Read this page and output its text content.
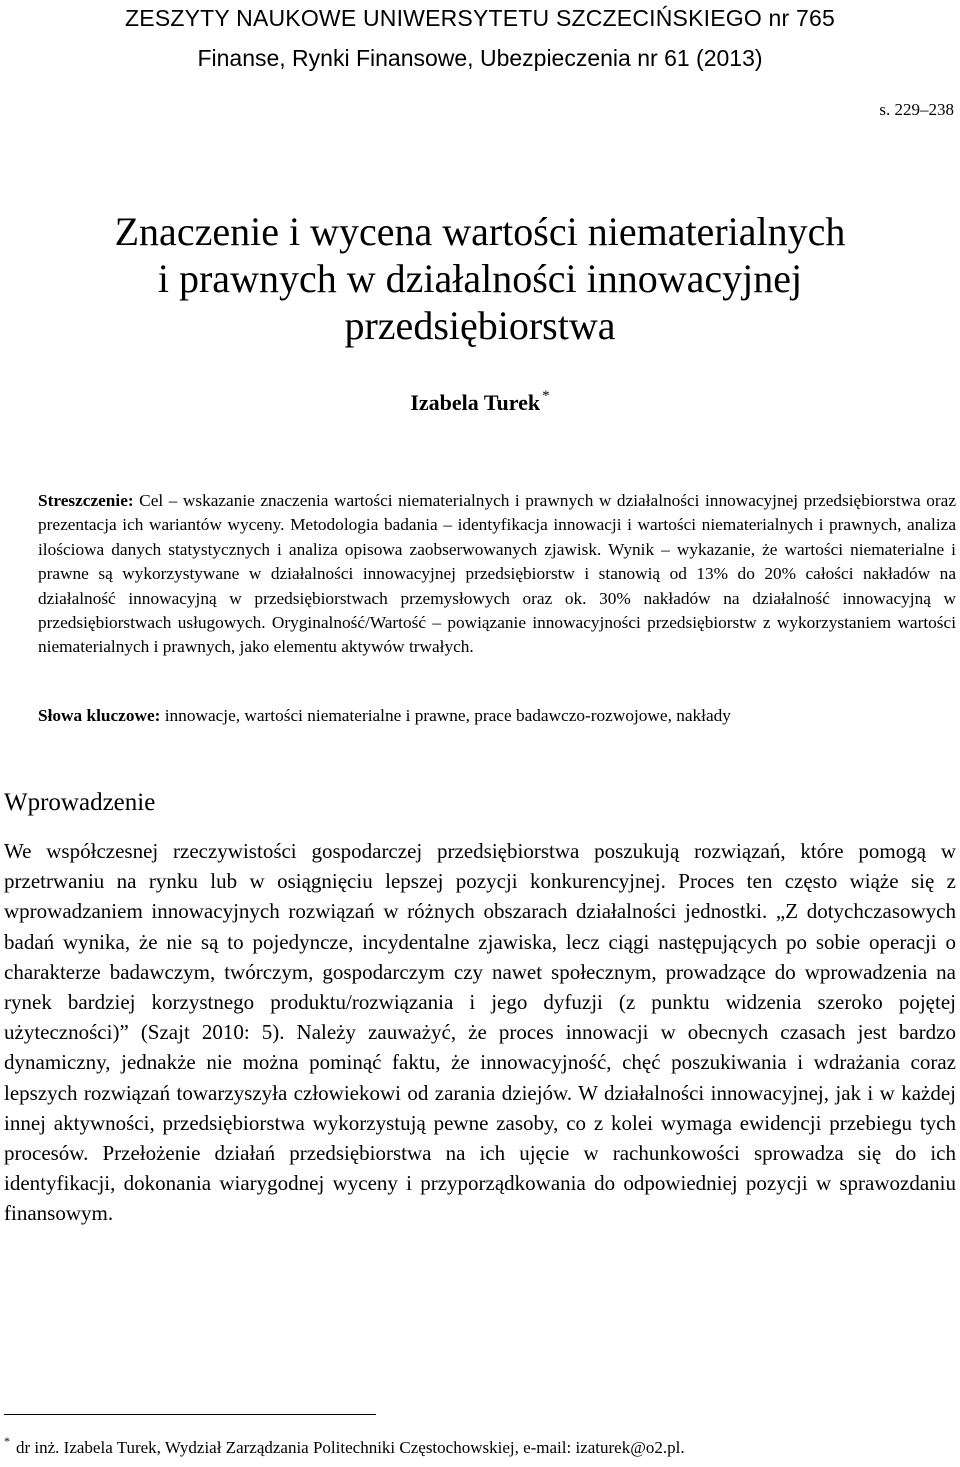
ZESZYTY NAUKOWE UNIWERSYTETU SZCZECIŃSKIEGO nr 765
Finanse, Rynki Finansowe, Ubezpieczenia nr 61 (2013)
s. 229–238
Znaczenie i wycena wartości niematerialnych
i prawnych w działalności innowacyjnej
przedsiębiorstwa
Izabela Turek *
Streszczenie: Cel – wskazanie znaczenia wartości niematerialnych i prawnych w działalności innowacyjnej przedsiębiorstwa oraz prezentacja ich wariantów wyceny. Metodologia badania – identyfikacja innowacji i wartości niematerialnych i prawnych, analiza ilościowa danych statystycznych i analiza opisowa zaobserwowanych zjawisk. Wynik – wykazanie, że wartości niematerialne i prawne są wykorzystywane w działalności innowacyjnej przedsiębiorstw i stanowią od 13% do 20% całości nakładów na działalność innowacyjną w przedsiębiorstwach przemysłowych oraz ok. 30% nakładów na działalność innowacyjną w przedsiębiorstwach usługowych. Oryginalność/Wartość – powiązanie innowacyjności przedsiębiorstw z wykorzystaniem wartości niematerialnych i prawnych, jako elementu aktywów trwałych.
Słowa kluczowe: innowacje, wartości niematerialne i prawne, prace badawczo-rozwojowe, nakłady
Wprowadzenie
We współczesnej rzeczywistości gospodarczej przedsiębiorstwa poszukują rozwiązań, które pomogą w przetrwaniu na rynku lub w osiągnięciu lepszej pozycji konkurencyjnej. Proces ten często wiąże się z wprowadzaniem innowacyjnych rozwiązań w różnych obszarach działalności jednostki. „Z dotychczasowych badań wynika, że nie są to pojedyncze, incydentalne zjawiska, lecz ciągi następujących po sobie operacji o charakterze badawczym, twórczym, gospodarczym czy nawet społecznym, prowadzące do wprowadzenia na rynek bardziej korzystnego produktu/rozwiązania i jego dyfuzji (z punktu widzenia szeroko pojętej użyteczności)” (Szajt 2010: 5). Należy zauważyć, że proces innowacji w obecnych czasach jest bardzo dynamiczny, jednakże nie można pominąć faktu, że innowacyjność, chęć poszukiwania i wdrażania coraz lepszych rozwiązań towarzyszyła człowiekowi od zarania dziejów. W działalności innowacyjnej, jak i w każdej innej aktywności, przedsiębiorstwa wykorzystują pewne zasoby, co z kolei wymaga ewidencji przebiegu tych procesów. Przełożenie działań przedsiębiorstwa na ich ujęcie w rachunkowości sprowadza się do ich identyfikacji, dokonania wiarygodnej wyceny i przyporządkowania do odpowiedniej pozycji w sprawozdaniu finansowym.
* dr inż. Izabela Turek, Wydział Zarządzania Politechniki Częstochowskiej, e-mail: izaturek@o2.pl.
